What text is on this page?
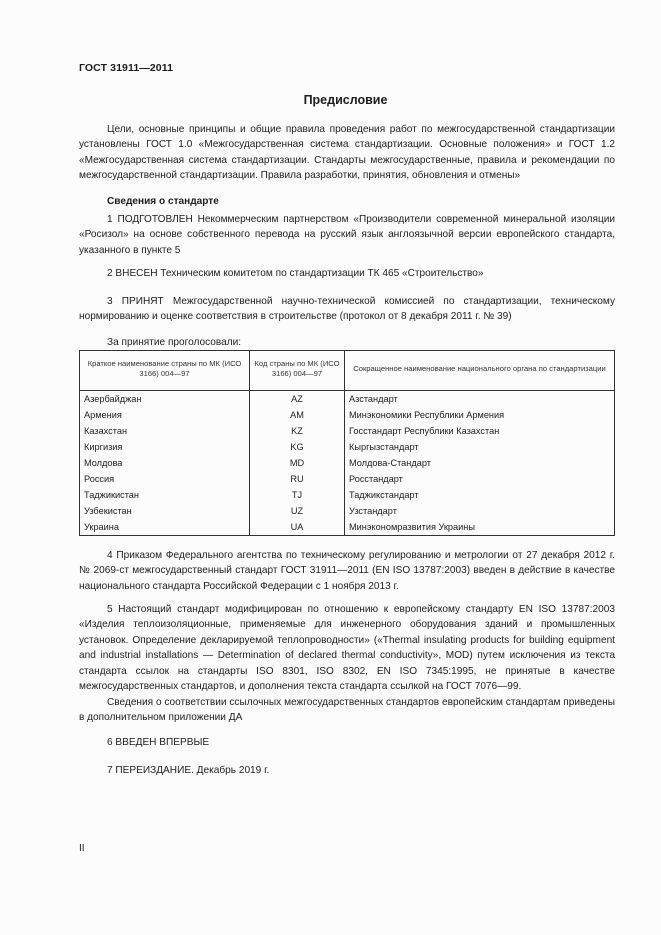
ГОСТ 31911—2011
Предисловие
Цели, основные принципы и общие правила проведения работ по межгосударственной стандартизации установлены ГОСТ 1.0 «Межгосударственная система стандартизации. Основные положения» и ГОСТ 1.2 «Межгосударственная система стандартизации. Стандарты межгосударственные, правила и рекомендации по межгосударственной стандартизации. Правила разработки, принятия, обновления и отмены»
Сведения о стандарте
1 ПОДГОТОВЛЕН Некоммерческим партнерством «Производители современной минеральной изоляции «Росизол» на основе собственного перевода на русский язык англоязычной версии европейского стандарта, указанного в пункте 5
2 ВНЕСЕН Техническим комитетом по стандартизации ТК 465 «Строительство»
3 ПРИНЯТ Межгосударственной научно-технической комиссией по стандартизации, техническому нормированию и оценке соответствия в строительстве (протокол от 8 декабря 2011 г. № 39)
За принятие проголосовали:
Краткое наименование страны по МК (ИСО 3166) 004—97	Код страны по МК (ИСО 3166) 004—97	Сокращенное наименование национального органа по стандартизации
Азербайджан	AZ	Азстандарт
Армения	AM	Минэкономики Республики Армения
Казахстан	KZ	Госстандарт Республики Казахстан
Киргизия	KG	Кыргызстандарт
Молдова	MD	Молдова-Стандарт
Россия	RU	Росстандарт
Таджикистан	TJ	Таджикстандарт
Узбекистан	UZ	Узстандарт
Украина	UA	Минэкономразвития Украины
4 Приказом Федерального агентства по техническому регулированию и метрологии от 27 декабря 2012 г. № 2069-ст межгосударственный стандарт ГОСТ 31911—2011 (EN ISO 13787:2003) введен в действие в качестве национального стандарта Российской Федерации с 1 ноября 2013 г.
5 Настоящий стандарт модифицирован по отношению к европейскому стандарту EN ISO 13787:2003 «Изделия теплоизоляционные, применяемые для инженерного оборудования зданий и промышленных установок. Определение декларируемой теплопроводности» («Thermal insulating products for building equipment and industrial installations — Determination of declared thermal conductivity», MOD) путем исключения из текста стандарта ссылок на стандарты ISO 8301, ISO 8302, EN ISO 7345:1995, не принятые в качестве межгосударственных стандартов, и дополнения текста стандарта ссылкой на ГОСТ 7076—99.
Сведения о соответствии ссылочных межгосударственных стандартов европейским стандартам приведены в дополнительном приложении ДА
6 ВВЕДЕН ВПЕРВЫЕ
7 ПЕРЕИЗДАНИЕ. Декабрь 2019 г.
II
